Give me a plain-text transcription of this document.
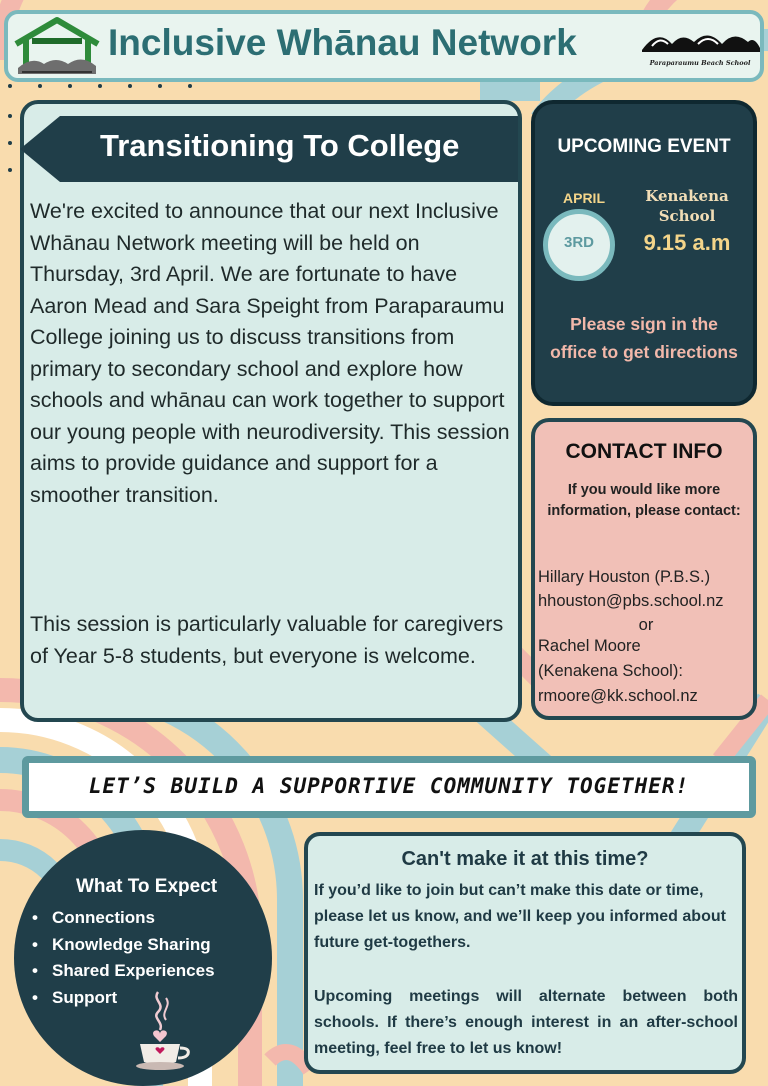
Inclusive Whānau Network	Paraparaumu Beach School
Transitioning To College
We're excited to announce that our next Inclusive Whānau Network meeting will be held on Thursday, 3rd April. We are fortunate to have Aaron Mead and Sara Speight from Paraparaumu College joining us to discuss transitions from primary to secondary school and explore how schools and whānau can work together to support our young people with neurodiversity. This session aims to provide guidance and support for a smoother transition.
This session is particularly valuable for caregivers of Year 5-8 students, but everyone is welcome.
UPCOMING EVENT
APRIL
3RD
Kenakena School
9.15 a.m
Please sign in the office to get directions
CONTACT INFO
If you would like more information, please contact:
Hillary Houston (P.B.S.)
hhouston@pbs.school.nz
or
Rachel Moore
(Kenakena School):
rmoore@kk.school.nz
LET’S BUILD A SUPPORTIVE COMMUNITY TOGETHER!
What To Expect
• Connections
• Knowledge Sharing
• Shared Experiences
• Support
Can't make it at this time?
If you’d like to join but can’t make this date or time, please let us know, and we’ll keep you informed about future get-togethers.
Upcoming meetings will alternate between both schools. If there’s enough interest in an after-school meeting, feel free to let us know!
